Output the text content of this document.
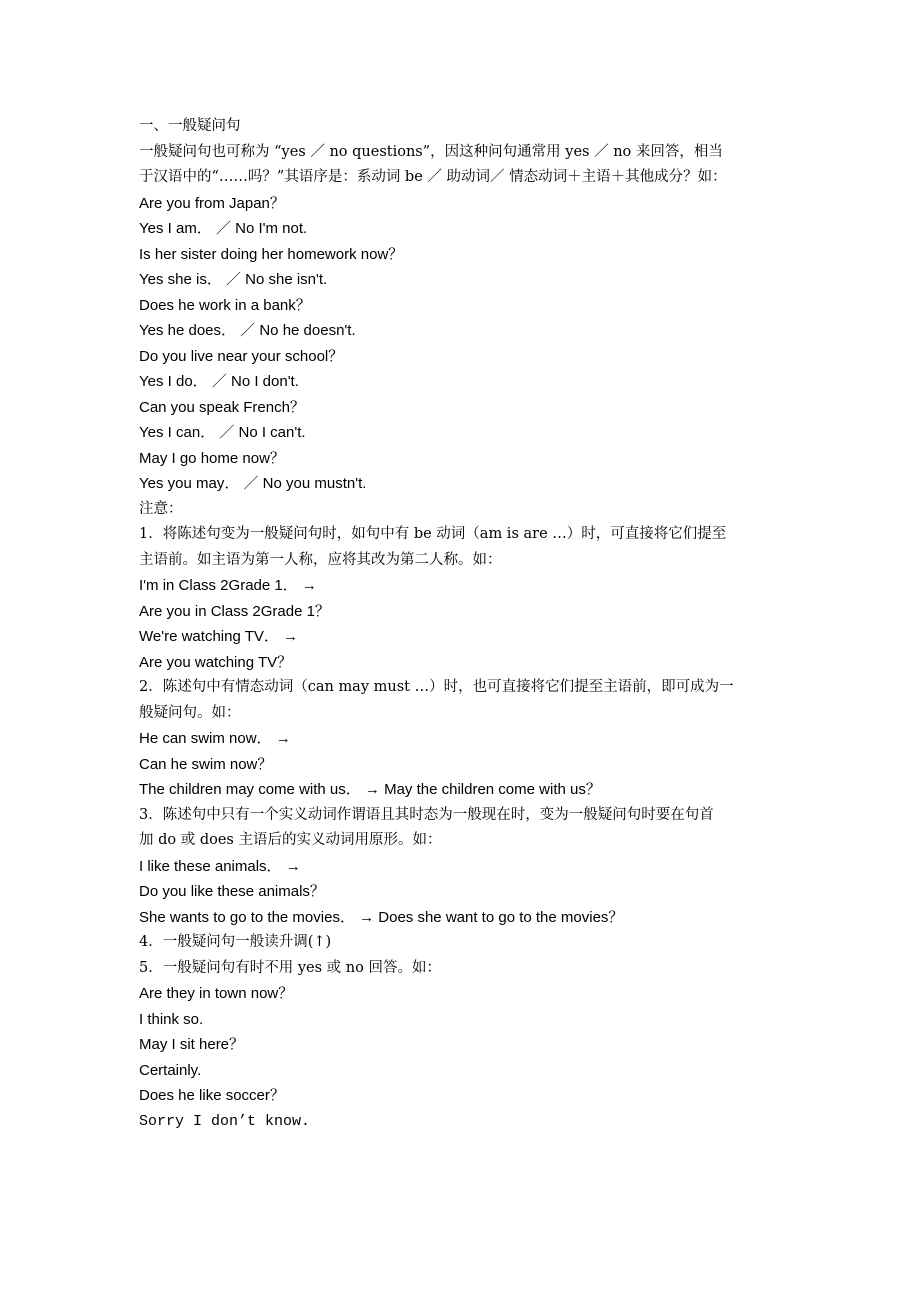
一、一般疑问句
一般疑问句也可称为 “yes ／ no questions”，因这种问句通常用 yes ／ no 来回答，相当
于汉语中的“……吗？”其语序是：系动词 be ／ 助动词／ 情态动词＋主语＋其他成分？如：
Are you from Japan？
Yes I am． ／ No I'm not.
Is her sister doing her homework now？
Yes she is． ／ No she isn't.
Does he work in a bank？
Yes he does． ／ No he doesn't.
Do you live near your school？
Yes I do． ／ No I don't.
Can you speak French？
Yes I can． ／ No I can't.
May I go home now？
Yes you may． ／ No you mustn't.
注意：
1．将陈述句变为一般疑问句时，如句中有 be 动词（am is are …）时，可直接将它们提至
主语前。如主语为第一人称，应将其改为第二人称。如：
I'm in Class 2Grade 1． →
Are you in Class 2Grade 1？
We're watching TV． →
Are you watching TV？
2．陈述句中有情态动词（can may must …）时，也可直接将它们提至主语前，即可成为一
般疑问句。如：
He can swim now． →
Can he swim now？
The children may come with us． → May the children come with us？
3．陈述句中只有一个实义动词作谓语且其时态为一般现在时，变为一般疑问句时要在句首
加 do 或 does 主语后的实义动词用原形。如：
I like these animals． →
Do you like these animals？
She wants to go to the movies． → Does she want to go to the movies？
4．一般疑问句一般读升调(↑)
5．一般疑问句有时不用 yes 或 no 回答。如：
Are they in town now？
I think so.
May I sit here？
Certainly.
Does he like soccer？
Sorry I don’t know.
